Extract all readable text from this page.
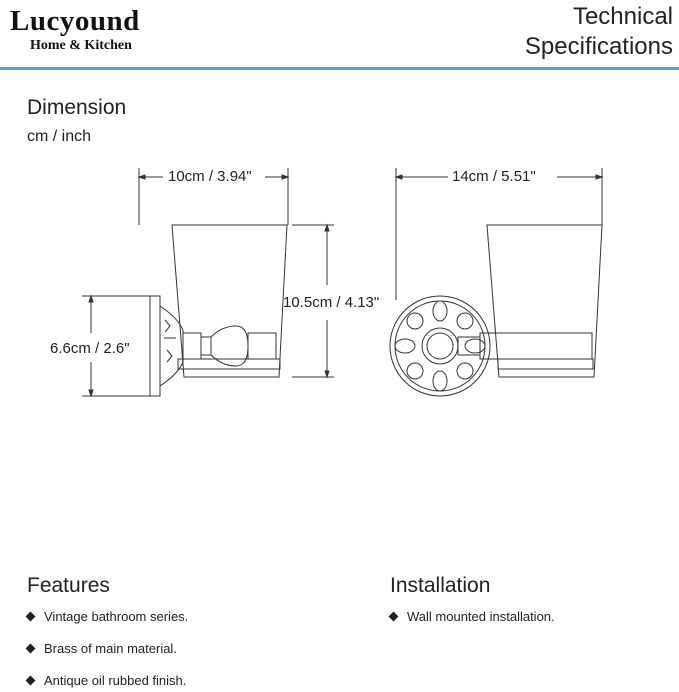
Lucyound
Home & Kitchen
Technical
Specifications
Dimension
cm / inch
10cm / 3.94"	14cm / 5.51"
10.5cm / 4.13"
6.6cm / 2.6"
Features
Vintage bathroom series.
Brass of main material.
Antique oil rubbed finish.
Installation
Wall mounted installation.
